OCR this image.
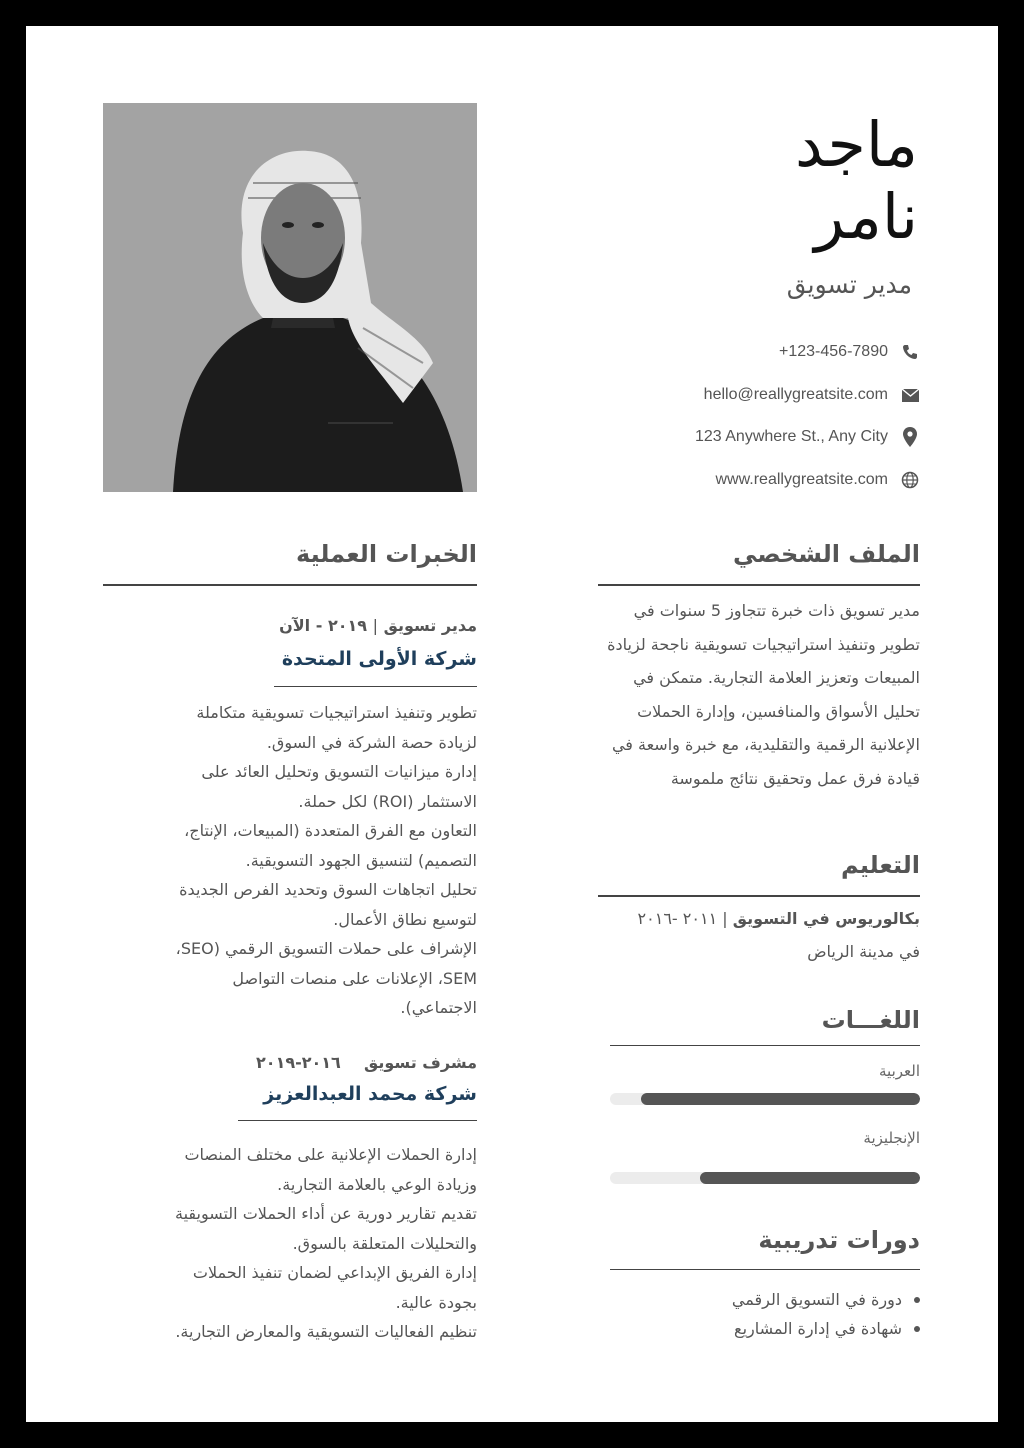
ماجد
نامر
مدير تسويق
+123-456-7890
hello@reallygreatsite.com
123 Anywhere St., Any City
www.reallygreatsite.com
الملف الشخصي
مدير تسويق ذات خبرة تتجاوز 5 سنوات في تطوير وتنفيذ استراتيجيات تسويقية ناجحة لزيادة المبيعات وتعزيز العلامة التجارية. متمكن في تحليل الأسواق والمنافسين، وإدارة الحملات الإعلانية الرقمية والتقليدية، مع خبرة واسعة في قيادة فرق عمل وتحقيق نتائج ملموسة
التعليم
بكالوريوس في التسويق | ٢٠١١ -٢٠١٦
في مدينة الرياض
اللغـــات
العربية
الإنجليزية
دورات تدريبية
دورة في التسويق الرقمي
شهادة في إدارة المشاريع
الخبرات العملية
مدير تسويق | ٢٠١٩ - الآن
شركة الأولى المتحدة
تطوير وتنفيذ استراتيجيات تسويقية متكاملة
لزيادة حصة الشركة في السوق.
إدارة ميزانيات التسويق وتحليل العائد على
الاستثمار (ROI) لكل حملة.
التعاون مع الفرق المتعددة (المبيعات، الإنتاج،
التصميم) لتنسيق الجهود التسويقية.
تحليل اتجاهات السوق وتحديد الفرص الجديدة
لتوسيع نطاق الأعمال.
الإشراف على حملات التسويق الرقمي (SEO،
SEM، الإعلانات على منصات التواصل
الاجتماعي).
مشرف تسويق  ٢٠١٦-٢٠١٩
شركة محمد العبدالعزيز
إدارة الحملات الإعلانية على مختلف المنصات
وزيادة الوعي بالعلامة التجارية.
تقديم تقارير دورية عن أداء الحملات التسويقية
والتحليلات المتعلقة بالسوق.
إدارة الفريق الإبداعي لضمان تنفيذ الحملات
بجودة عالية.
تنظيم الفعاليات التسويقية والمعارض التجارية.
